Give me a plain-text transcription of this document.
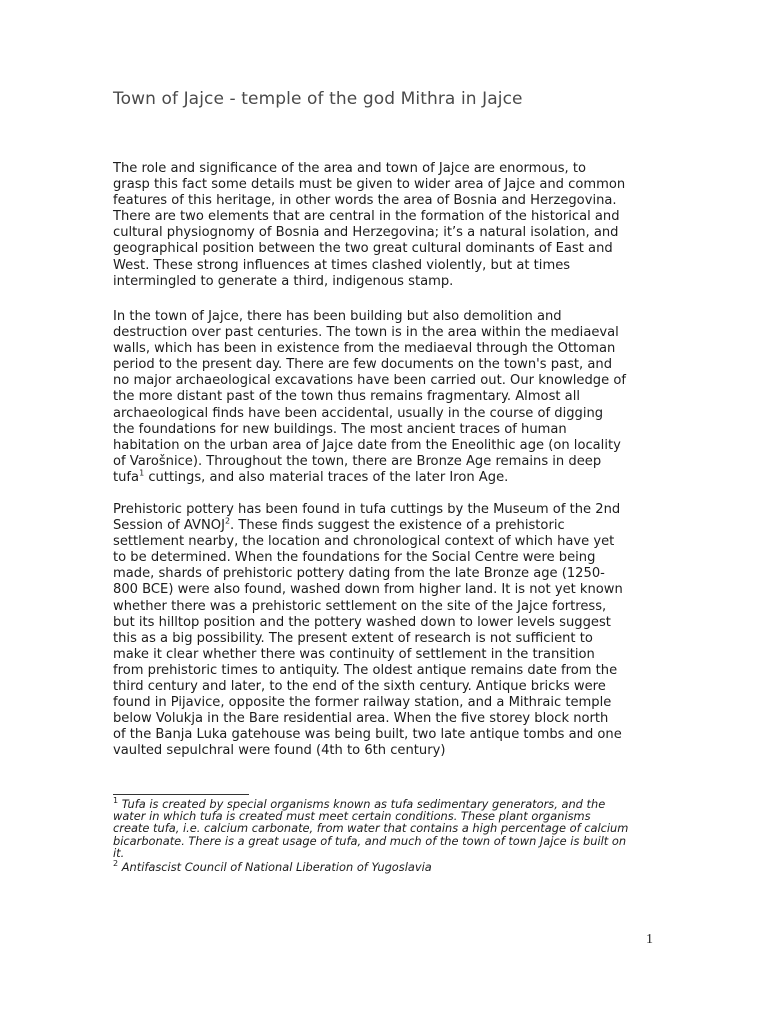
Town of Jajce - temple of the god Mithra in Jajce

The role and significance of the area and town of Jajce are enormous, to
grasp this fact some details must be given to wider area of Jajce and common
features of this heritage, in other words the area of Bosnia and Herzegovina.
There are two elements that are central in the formation of the historical and
cultural physiognomy of Bosnia and Herzegovina; it’s a natural isolation, and
geographical position between the two great cultural dominants of East and
West. These strong influences at times clashed violently, but at times
intermingled to generate a third, indigenous stamp.

In the town of Jajce, there has been building but also demolition and
destruction over past centuries. The town is in the area within the mediaeval
walls, which has been in existence from the mediaeval through the Ottoman
period to the present day. There are few documents on the town's past, and
no major archaeological excavations have been carried out. Our knowledge of
the more distant past of the town thus remains fragmentary. Almost all
archaeological finds have been accidental, usually in the course of digging
the foundations for new buildings. The most ancient traces of human
habitation on the urban area of Jajce date from the Eneolithic age (on locality
of Varošnice). Throughout the town, there are Bronze Age remains in deep
tufa$^1$ cuttings, and also material traces of the later Iron Age.

Prehistoric pottery has been found in tufa cuttings by the Museum of the 2nd
Session of AVNOJ$^2$. These finds suggest the existence of a prehistoric
settlement nearby, the location and chronological context of which have yet
to be determined. When the foundations for the Social Centre were being
made, shards of prehistoric pottery dating from the late Bronze age (1250-
800 BCE) were also found, washed down from higher land. It is not yet known
whether there was a prehistoric settlement on the site of the Jajce fortress,
but its hilltop position and the pottery washed down to lower levels suggest
this as a big possibility. The present extent of research is not sufficient to
make it clear whether there was continuity of settlement in the transition
from prehistoric times to antiquity. The oldest antique remains date from the
third century and later, to the end of the sixth century. Antique bricks were
found in Pijavice, opposite the former railway station, and a Mithraic temple
below Volukja in the Bare residential area. When the five storey block north
of the Banja Luka gatehouse was being built, two late antique tombs and one
vaulted sepulchral were found (4th to 6th century)

$^1$ Tufa is created by special organisms known as tufa sedimentary generators, and the
water in which tufa is created must meet certain conditions. These plant organisms
create tufa, i.e. calcium carbonate, from water that contains a high percentage of calcium
bicarbonate. There is a great usage of tufa, and much of the town of town Jajce is built on
it.
$^2$ Antifascist Council of National Liberation of Yugoslavia
1
